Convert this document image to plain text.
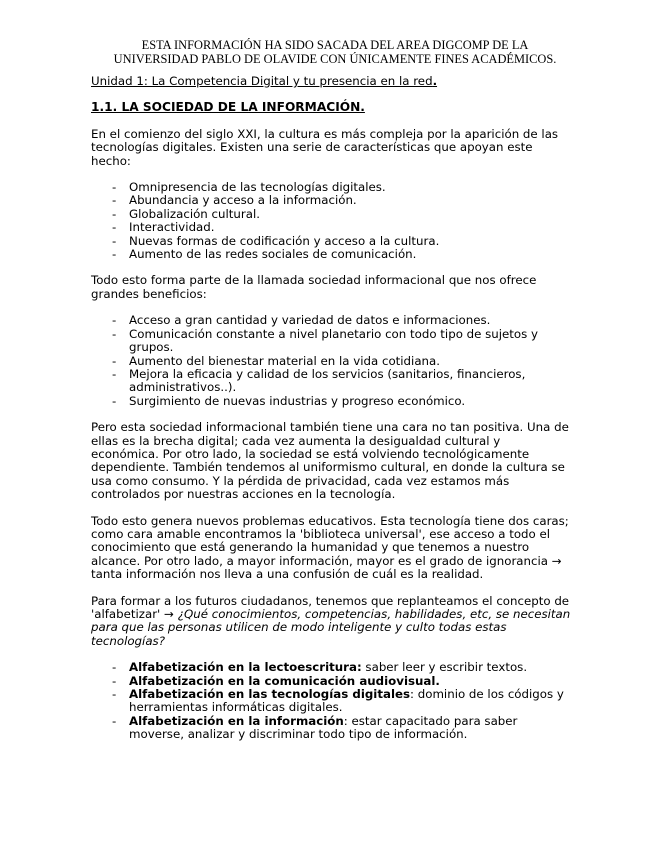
ESTA INFORMACIÓN HA SIDO SACADA DEL AREA DIGCOMP DE LA
UNIVERSIDAD PABLO DE OLAVIDE CON ÚNICAMENTE FINES ACADÉMICOS.

Unidad 1: La Competencia Digital y tu presencia en la red.

1.1. LA SOCIEDAD DE LA INFORMACIÓN.

En el comienzo del siglo XXI, la cultura es más compleja por la aparición de las tecnologías digitales. Existen una serie de características que apoyan este hecho:

- Omnipresencia de las tecnologías digitales.
- Abundancia y acceso a la información.
- Globalización cultural.
- Interactividad.
- Nuevas formas de codificación y acceso a la cultura.
- Aumento de las redes sociales de comunicación.

Todo esto forma parte de la llamada sociedad informacional que nos ofrece grandes beneficios:

- Acceso a gran cantidad y variedad de datos e informaciones.
- Comunicación constante a nivel planetario con todo tipo de sujetos y grupos.
- Aumento del bienestar material en la vida cotidiana.
- Mejora la eficacia y calidad de los servicios (sanitarios, financieros, administrativos..).
- Surgimiento de nuevas industrias y progreso económico.

Pero esta sociedad informacional también tiene una cara no tan positiva. Una de ellas es la brecha digital; cada vez aumenta la desigualdad cultural y económica. Por otro lado, la sociedad se está volviendo tecnológicamente dependiente. También tendemos al uniformismo cultural, en donde la cultura se usa como consumo. Y la pérdida de privacidad, cada vez estamos más controlados por nuestras acciones en la tecnología.

Todo esto genera nuevos problemas educativos. Esta tecnología tiene dos caras; como cara amable encontramos la 'biblioteca universal', ese acceso a todo el conocimiento que está generando la humanidad y que tenemos a nuestro alcance. Por otro lado, a mayor información, mayor es el grado de ignorancia → tanta información nos lleva a una confusión de cuál es la realidad.

Para formar a los futuros ciudadanos, tenemos que replanteamos el concepto de 'alfabetizar' → ¿Qué conocimientos, competencias, habilidades, etc, se necesitan para que las personas utilicen de modo inteligente y culto todas estas tecnologías?

- Alfabetización en la lectoescritura: saber leer y escribir textos.
- Alfabetización en la comunicación audiovisual.
- Alfabetización en las tecnologías digitales: dominio de los códigos y herramientas informáticas digitales.
- Alfabetización en la información: estar capacitado para saber moverse, analizar y discriminar todo tipo de información.
